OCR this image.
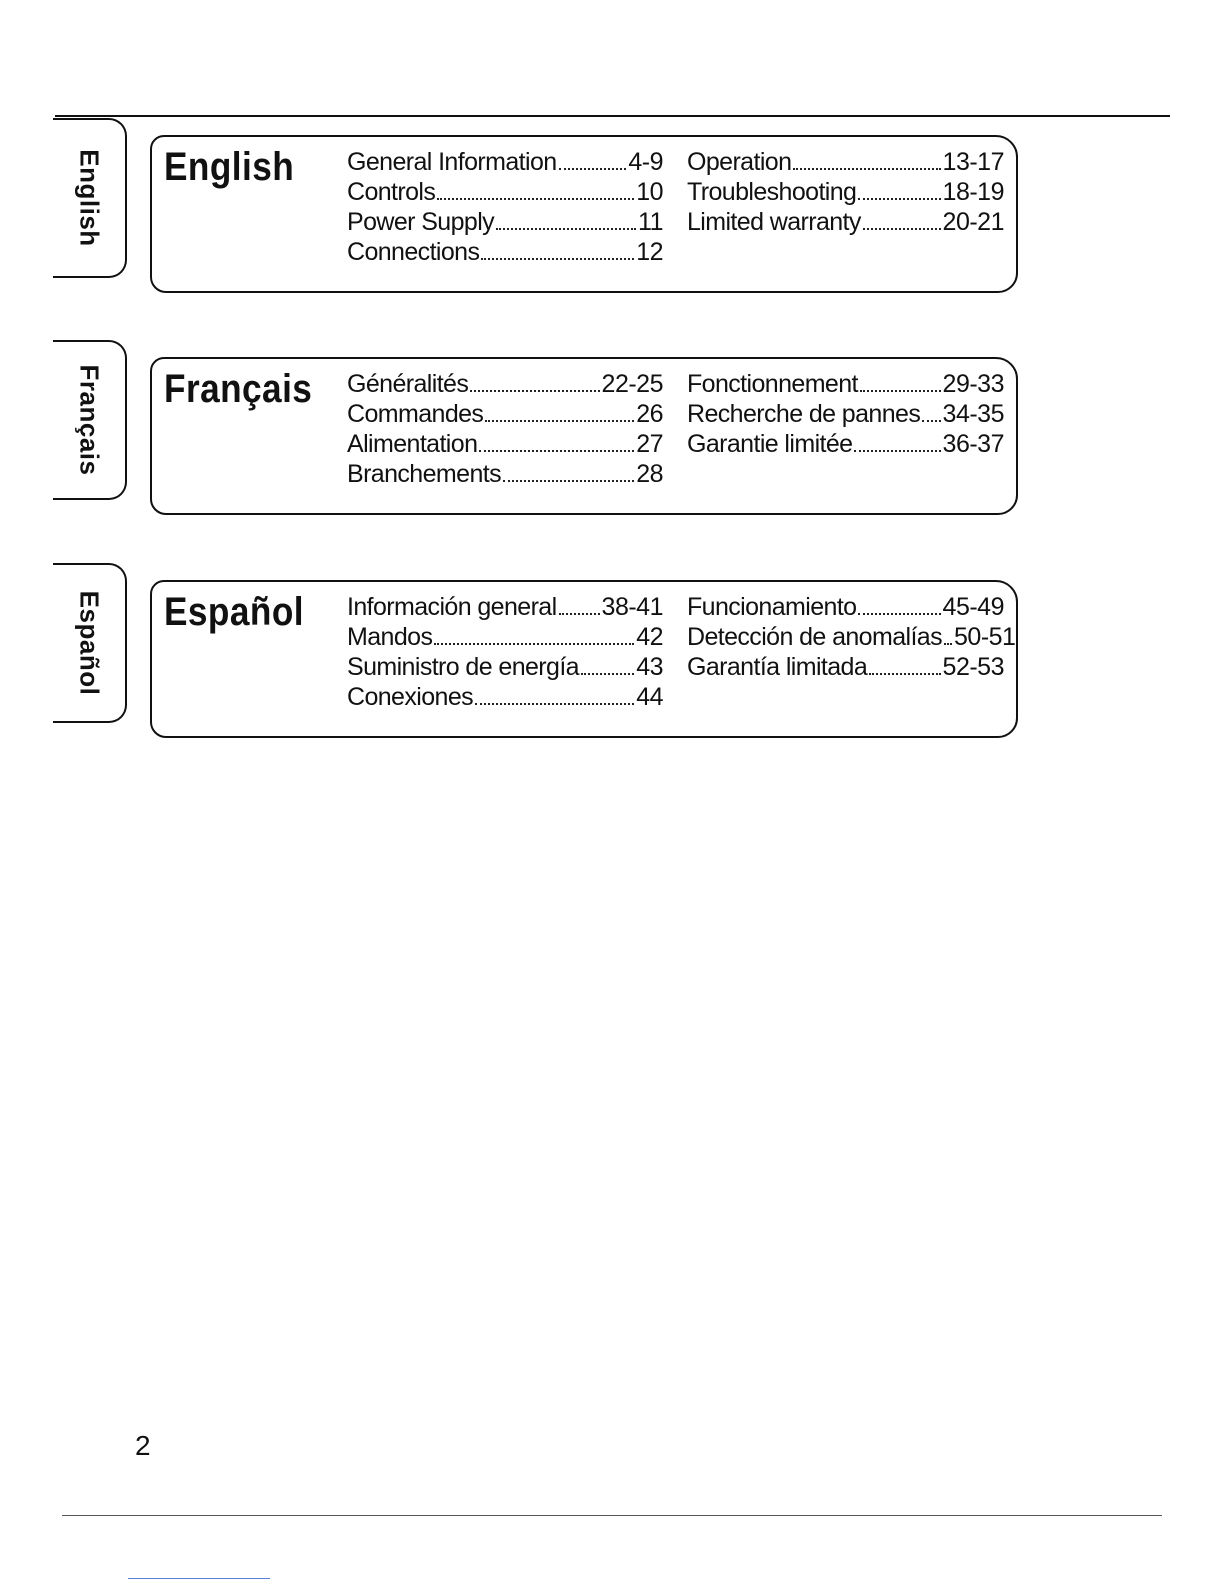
English English General Information	4-9
Controls	10
Power Supply	11
Connections	12
Operation	13-17
Troubleshooting	18-19
Limited warranty	20-21
Français Français Généralités	22-25
Commandes	26
Alimentation	27
Branchements	28
Fonctionnement	29-33
Recherche de pannes 34-35
Garantie limitée	36-37
Español Español Información general 38-41
Mandos	42
Suministro de energía 43
Conexiones	44
Funcionamiento	45-49
Detección de anomalías 50-51
Garantía limitada	52-53
2
